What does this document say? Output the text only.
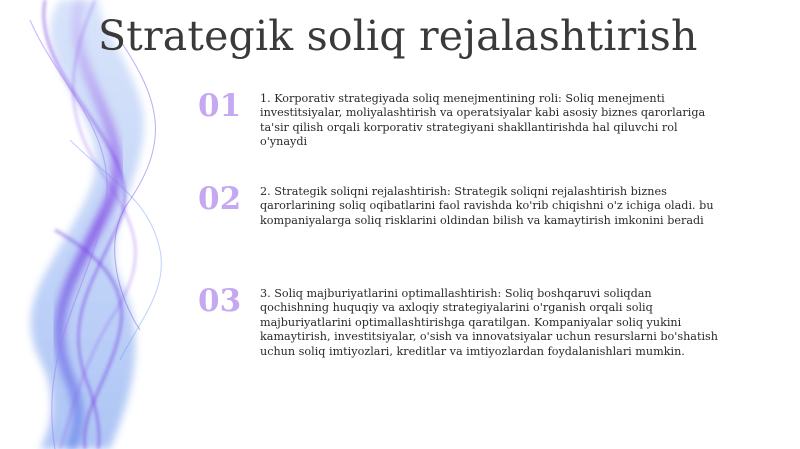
Strategik soliq rejalashtirish
01	1. Korporativ strategiyada soliq menejmentining roli: Soliq menejmenti investitsiyalar, moliyalashtirish va operatsiyalar kabi asosiy biznes qarorlariga ta'sir qilish orqali korporativ strategiyani shakllantirishda hal qiluvchi rol o'ynaydi

02	2. Strategik soliqni rejalashtirish: Strategik soliqni rejalashtirish biznes qarorlarining soliq oqibatlarini faol ravishda ko'rib chiqishni o'z ichiga oladi. bu kompaniyalarga soliq risklarini oldindan bilish va kamaytirish imkonini beradi

03	3. Soliq majburiyatlarini optimallashtirish: Soliq boshqaruvi soliqdan qochishning huquqiy va axloqiy strategiyalarini o'rganish orqali soliq majburiyatlarini optimallashtirishga qaratilgan. Kompaniyalar soliq yukini kamaytirish, investitsiyalar, o'sish va innovatsiyalar uchun resurslarni bo'shatish uchun soliq imtiyozlari, kreditlar va imtiyozlardan foydalanishlari mumkin.
